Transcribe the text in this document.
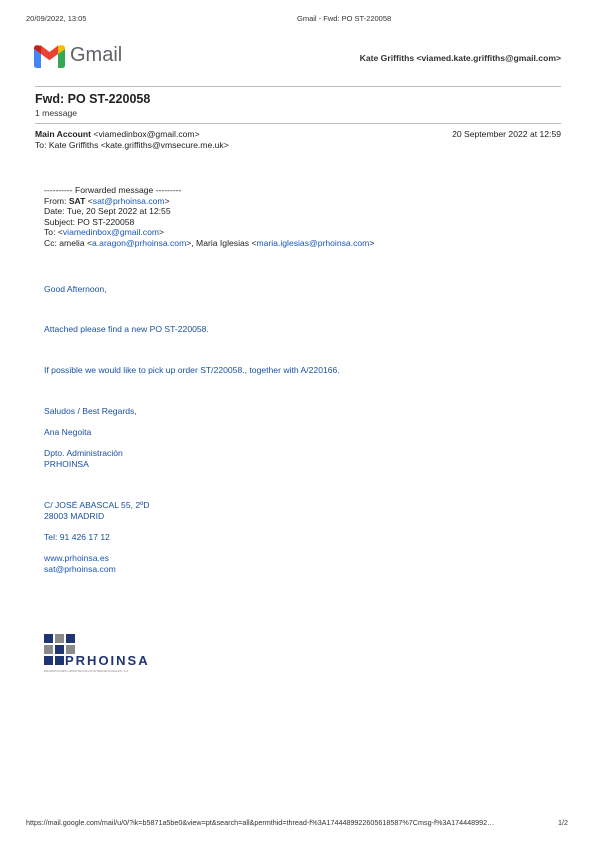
20/09/2022, 13:05	Gmail - Fwd: PO ST-220058
Gmail	Kate Griffiths <viamed.kate.griffiths@gmail.com>
Fwd: PO ST-220058
1 message
Main Account <viamedinbox@gmail.com>	20 September 2022 at 12:59
To: Kate Griffiths <kate.griffiths@vmsecure.me.uk>
---------- Forwarded message ---------
From: SAT <sat@prhoinsa.com>
Date: Tue, 20 Sept 2022 at 12:55
Subject: PO ST-220058
To: <viamedinbox@gmail.com>
Cc: amelia <a.aragon@prhoinsa.com>, Maria Iglesias <maria.iglesias@prhoinsa.com>
Good Afternoon,
Attached please find a new PO ST-220058.
If possible we would like to pick up order ST/220058., together with A/220166.
Saludos / Best Regards,
Ana Negoita
Dpto. Administración
PRHOINSA
C/ JOSÉ ABASCAL 55, 2ºD
28003 MADRID
Tel: 91 426 17 12
www.prhoinsa.es
sat@prhoinsa.com
PRHOINSA
PROMOCIONES HIDROTECNICAS INTERNACIONALES, S.A.
https://mail.google.com/mail/u/0/?ik=b5871a5be0&view=pt&search=all&permthid=thread-f%3A1744489922605618587%7Cmsg-f%3A174448992…	1/2
